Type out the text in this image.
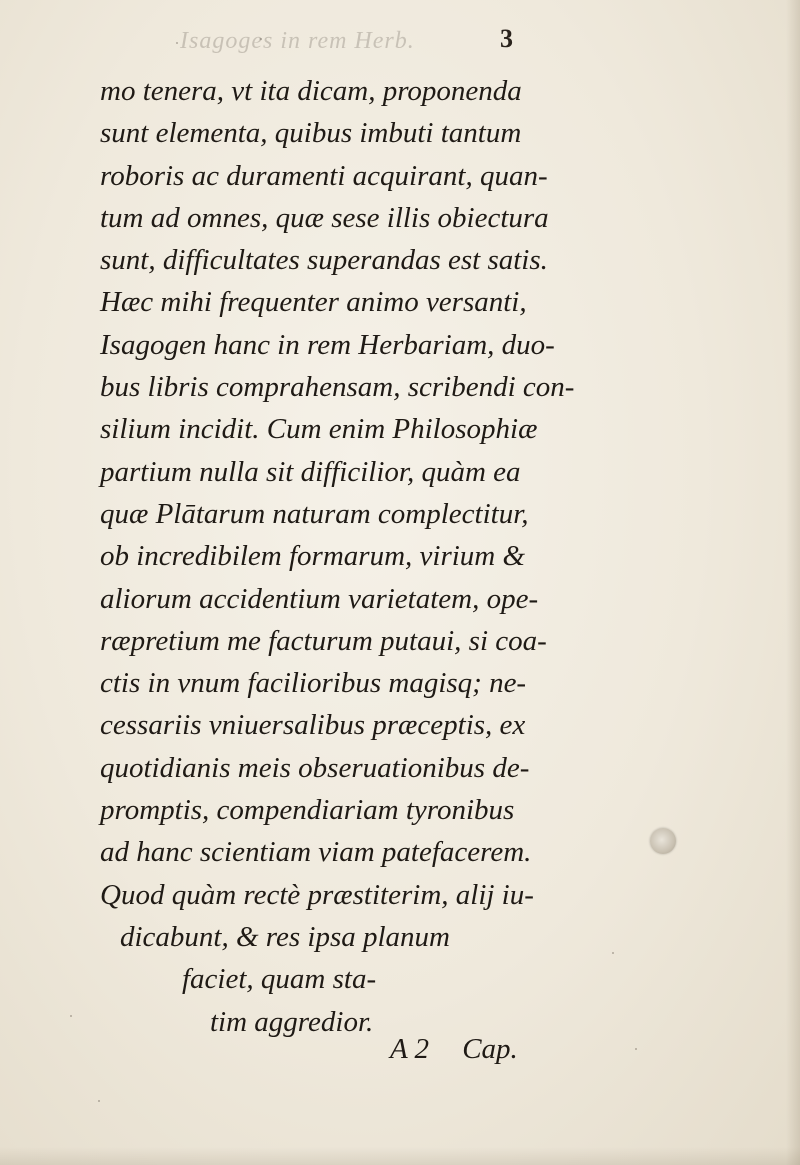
Isagoges in rem Herb.	3
mo tenera, vt ita dicam, proponenda
sunt elementa, quibus imbuti tantum
roboris ac duramenti acquirant, quan-
tum ad omnes, quæ sese illis obiectura
sunt, difficultates superandas est satis.
Hæc mihi frequenter animo versanti,
Isagogen hanc in rem Herbariam, duo-
bus libris comprahensam, scribendi con-
silium incidit. Cum enim Philosophiæ
partium nulla sit difficilior, quàm ea
quæ Plātarum naturam complectitur,
ob incredibilem formarum, virium &
aliorum accidentium varietatem, ope-
ræpretium me facturum putaui, si coa-
ctis in vnum facilioribus magisq; ne-
cessariis vniuersalibus præceptis, ex
quotidianis meis obseruationibus de-
promptis, compendiariam tyronibus
ad hanc scientiam viam patefacerem.
Quod quàm rectè præstiterim, alij iu-
dicabunt, & res ipsa planum
faciet, quam sta-
tim aggredior.
A 2 Cap.
